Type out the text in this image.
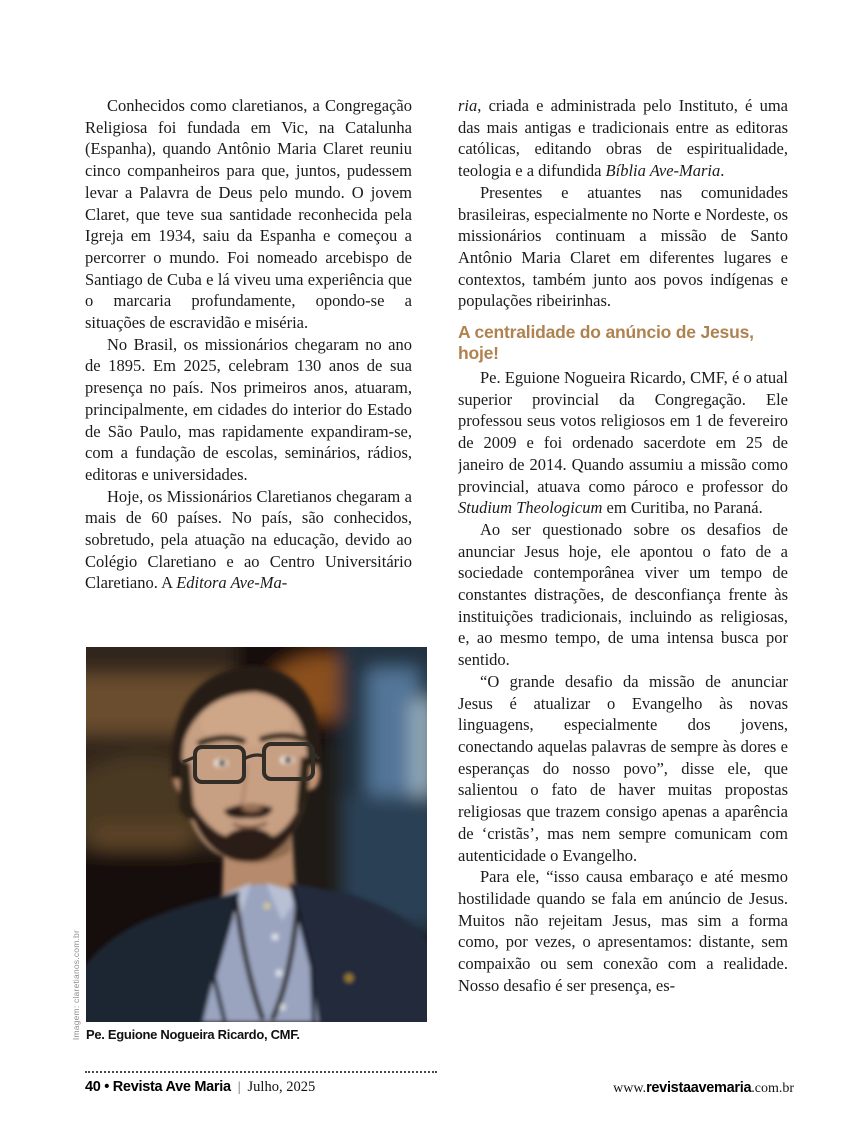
Conhecidos como claretianos, a Congregação Religiosa foi fundada em Vic, na Catalunha (Espanha), quando Antônio Maria Claret reuniu cinco companheiros para que, juntos, pudessem levar a Palavra de Deus pelo mundo. O jovem Claret, que teve sua santidade reconhecida pela Igreja em 1934, saiu da Espanha e começou a percorrer o mundo. Foi nomeado arcebispo de Santiago de Cuba e lá viveu uma experiência que o marcaria profundamente, opondo-se a situações de escravidão e miséria.

No Brasil, os missionários chegaram no ano de 1895. Em 2025, celebram 130 anos de sua presença no país. Nos primeiros anos, atuaram, principalmente, em cidades do interior do Estado de São Paulo, mas rapidamente expandiram-se, com a fundação de escolas, seminários, rádios, editoras e universidades.

Hoje, os Missionários Claretianos chegaram a mais de 60 países. No país, são conhecidos, sobretudo, pela atuação na educação, devido ao Colégio Claretiano e ao Centro Universitário Claretiano. A Editora Ave-Ma-

ria, criada e administrada pelo Instituto, é uma das mais antigas e tradicionais entre as editoras católicas, editando obras de espiritualidade, teologia e a difundida Bíblia Ave-Maria.

Presentes e atuantes nas comunidades brasileiras, especialmente no Norte e Nordeste, os missionários continuam a missão de Santo Antônio Maria Claret em diferentes lugares e contextos, também junto aos povos indígenas e populações ribeirinhas.

A centralidade do anúncio de Jesus, hoje!

Pe. Eguione Nogueira Ricardo, CMF, é o atual superior provincial da Congregação. Ele professou seus votos religiosos em 1 de fevereiro de 2009 e foi ordenado sacerdote em 25 de janeiro de 2014. Quando assumiu a missão como provincial, atuava como pároco e professor do Studium Theologicum em Curitiba, no Paraná.

Ao ser questionado sobre os desafios de anunciar Jesus hoje, ele apontou o fato de a sociedade contemporânea viver um tempo de constantes distrações, de desconfiança frente às instituições tradicionais, incluindo as religiosas, e, ao mesmo tempo, de uma intensa busca por sentido.

“O grande desafio da missão de anunciar Jesus é atualizar o Evangelho às novas linguagens, especialmente dos jovens, conectando aquelas palavras de sempre às dores e esperanças do nosso povo”, disse ele, que salientou o fato de haver muitas propostas religiosas que trazem consigo apenas a aparência de ‘cristãs’, mas nem sempre comunicam com autenticidade o Evangelho.

Para ele, “isso causa embaraço e até mesmo hostilidade quando se fala em anúncio de Jesus. Muitos não rejeitam Jesus, mas sim a forma como, por vezes, o apresentamos: distante, sem compaixão ou sem conexão com a realidade. Nosso desafio é ser presença, es-

Imagem: claretianos.com.br Pe. Eguione Nogueira Ricardo, CMF.
40 • Revista Ave Maria | Julho, 2025	www.revistaavemaria.com.br
